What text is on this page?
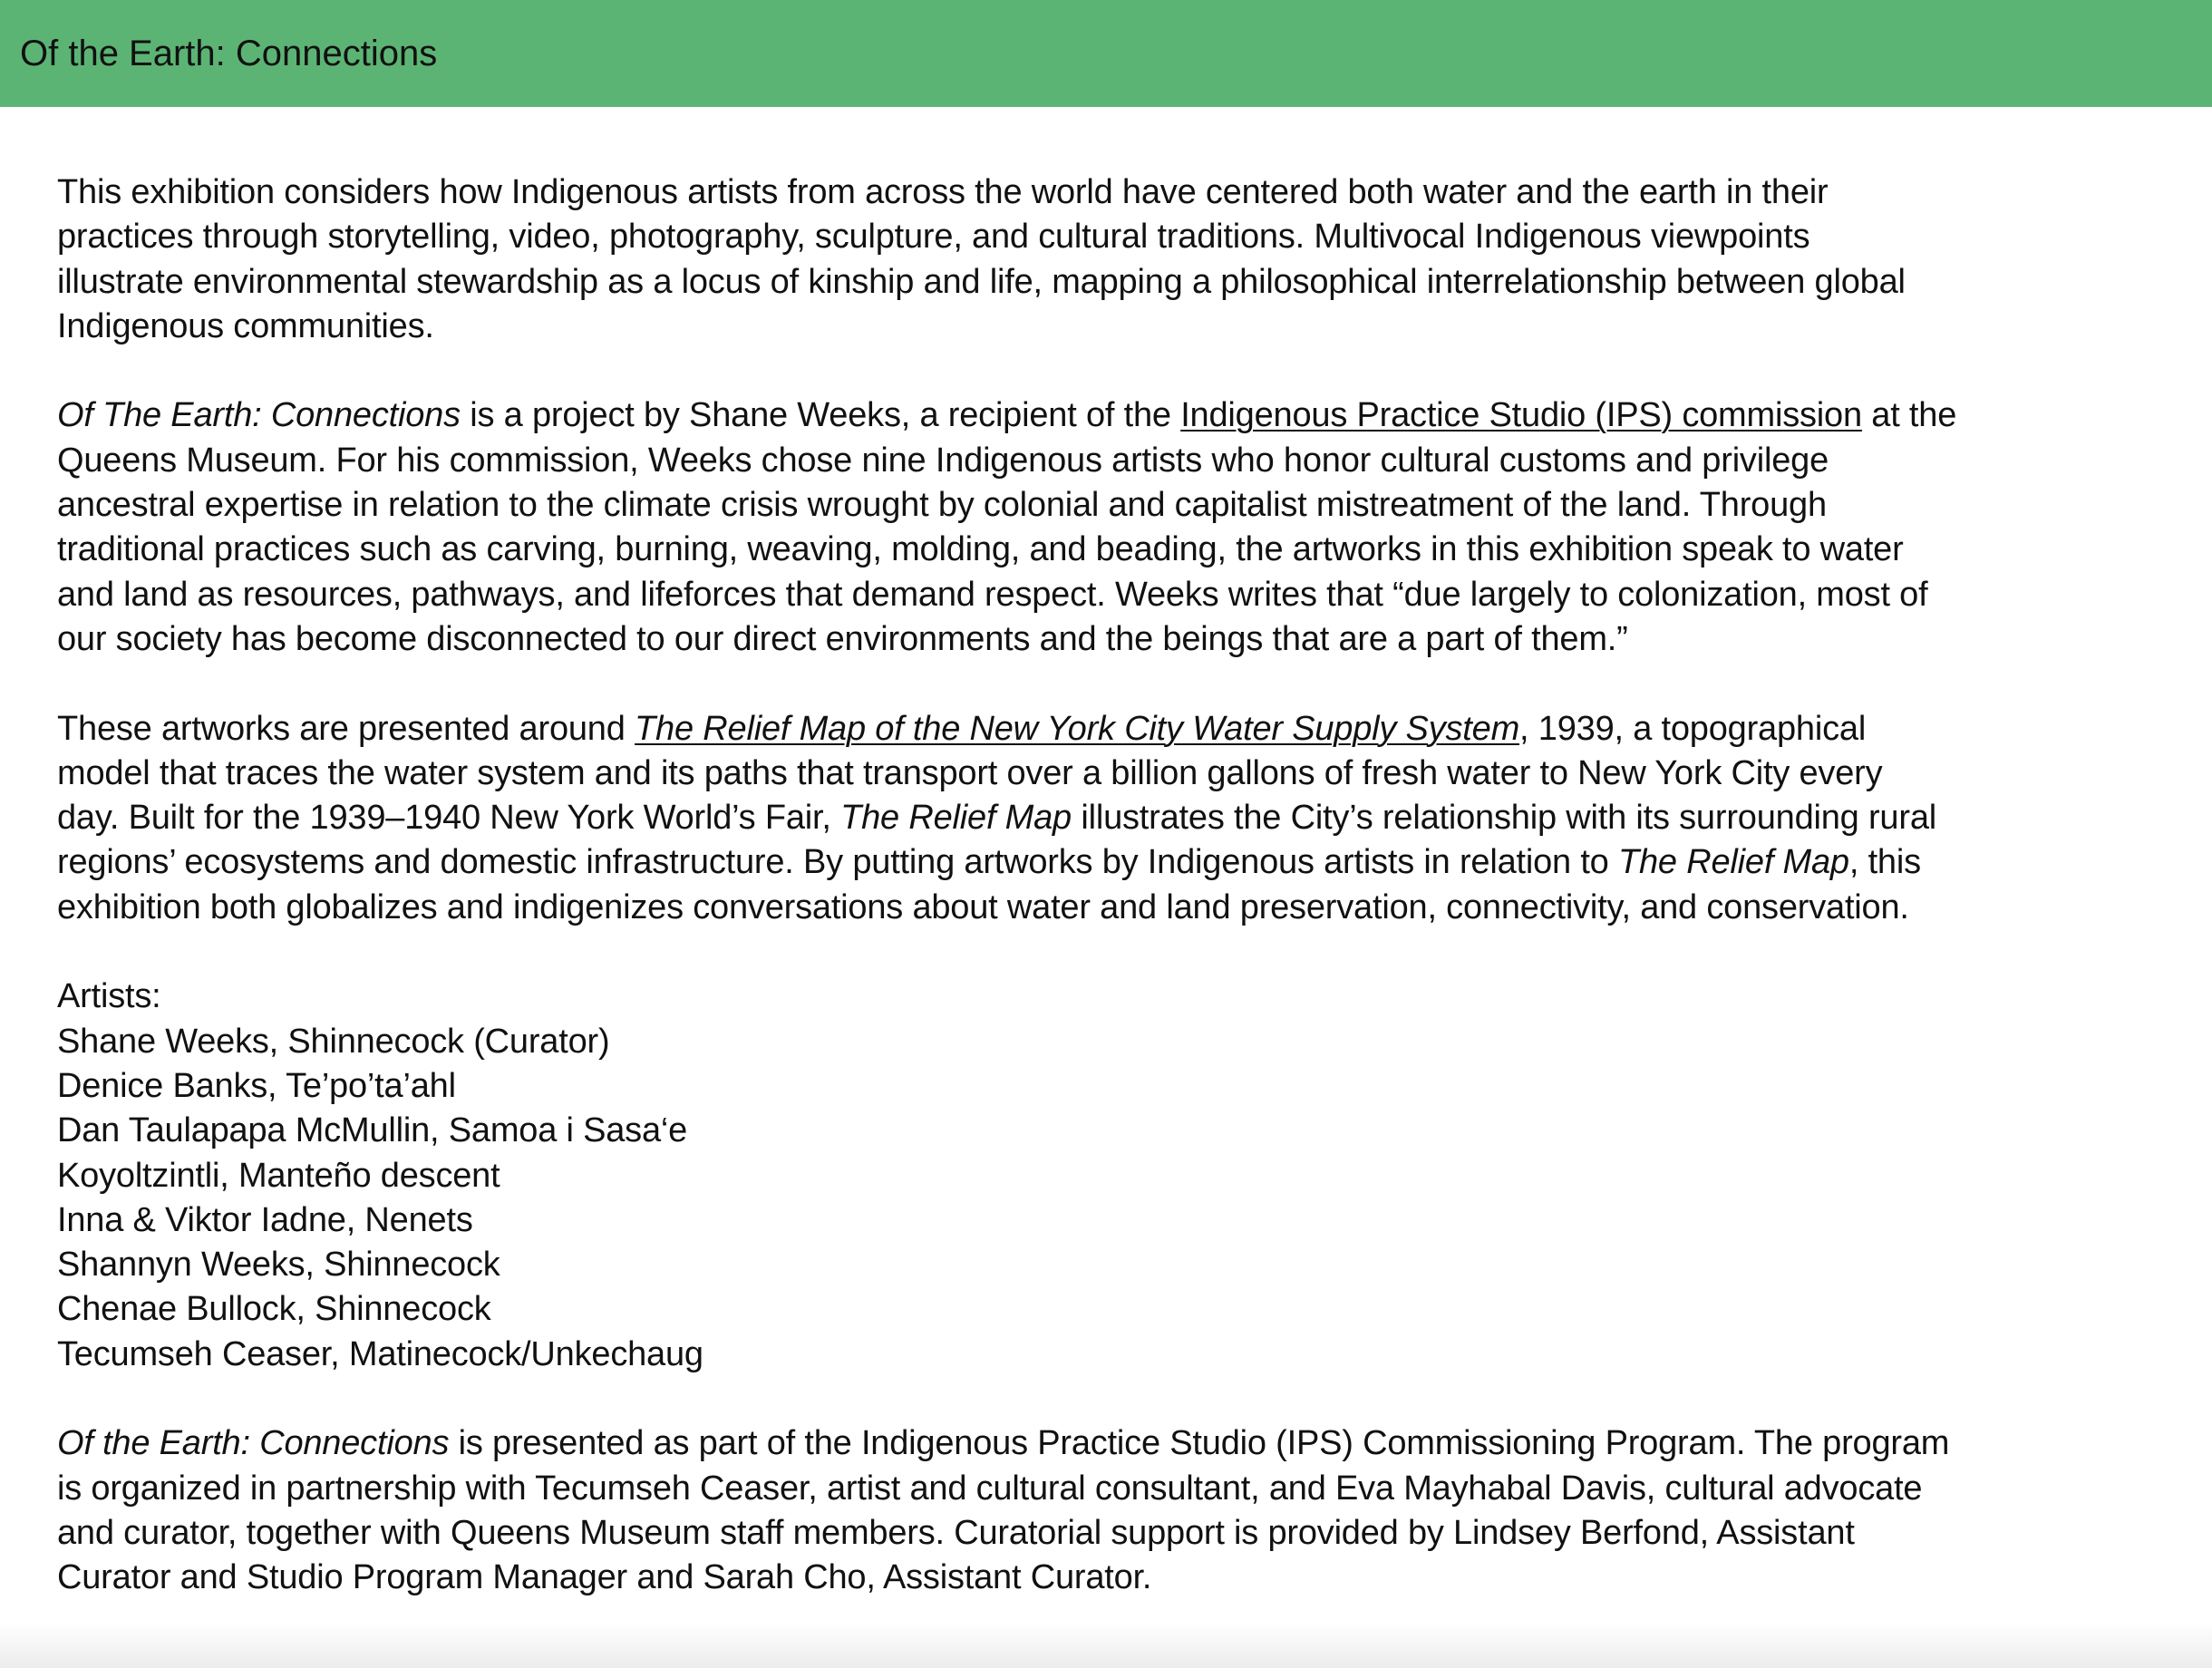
Of the Earth: Connections

This exhibition considers how Indigenous artists from across the world have centered both water and the earth in their
practices through storytelling, video, photography, sculpture, and cultural traditions. Multivocal Indigenous viewpoints
illustrate environmental stewardship as a locus of kinship and life, mapping a philosophical interrelationship between global
Indigenous communities.

Of The Earth: Connections is a project by Shane Weeks, a recipient of the Indigenous Practice Studio (IPS) commission at the
Queens Museum. For his commission, Weeks chose nine Indigenous artists who honor cultural customs and privilege
ancestral expertise in relation to the climate crisis wrought by colonial and capitalist mistreatment of the land. Through
traditional practices such as carving, burning, weaving, molding, and beading, the artworks in this exhibition speak to water
and land as resources, pathways, and lifeforces that demand respect. Weeks writes that “due largely to colonization, most of
our society has become disconnected to our direct environments and the beings that are a part of them.”

These artworks are presented around The Relief Map of the New York City Water Supply System, 1939, a topographical
model that traces the water system and its paths that transport over a billion gallons of fresh water to New York City every
day. Built for the 1939–1940 New York World’s Fair, The Relief Map illustrates the City’s relationship with its surrounding rural
regions’ ecosystems and domestic infrastructure. By putting artworks by Indigenous artists in relation to The Relief Map, this
exhibition both globalizes and indigenizes conversations about water and land preservation, connectivity, and conservation.

Artists:
Shane Weeks, Shinnecock (Curator)
Denice Banks, Te’po’ta’ahl
Dan Taulapapa McMullin, Samoa i Sasa‘e
Koyoltzintli, Manteño descent
Inna & Viktor Iadne, Nenets
Shannyn Weeks, Shinnecock
Chenae Bullock, Shinnecock
Tecumseh Ceaser, Matinecock/Unkechaug

Of the Earth: Connections is presented as part of the Indigenous Practice Studio (IPS) Commissioning Program. The program
is organized in partnership with Tecumseh Ceaser, artist and cultural consultant, and Eva Mayhabal Davis, cultural advocate
and curator, together with Queens Museum staff members. Curatorial support is provided by Lindsey Berfond, Assistant
Curator and Studio Program Manager and Sarah Cho, Assistant Curator.
